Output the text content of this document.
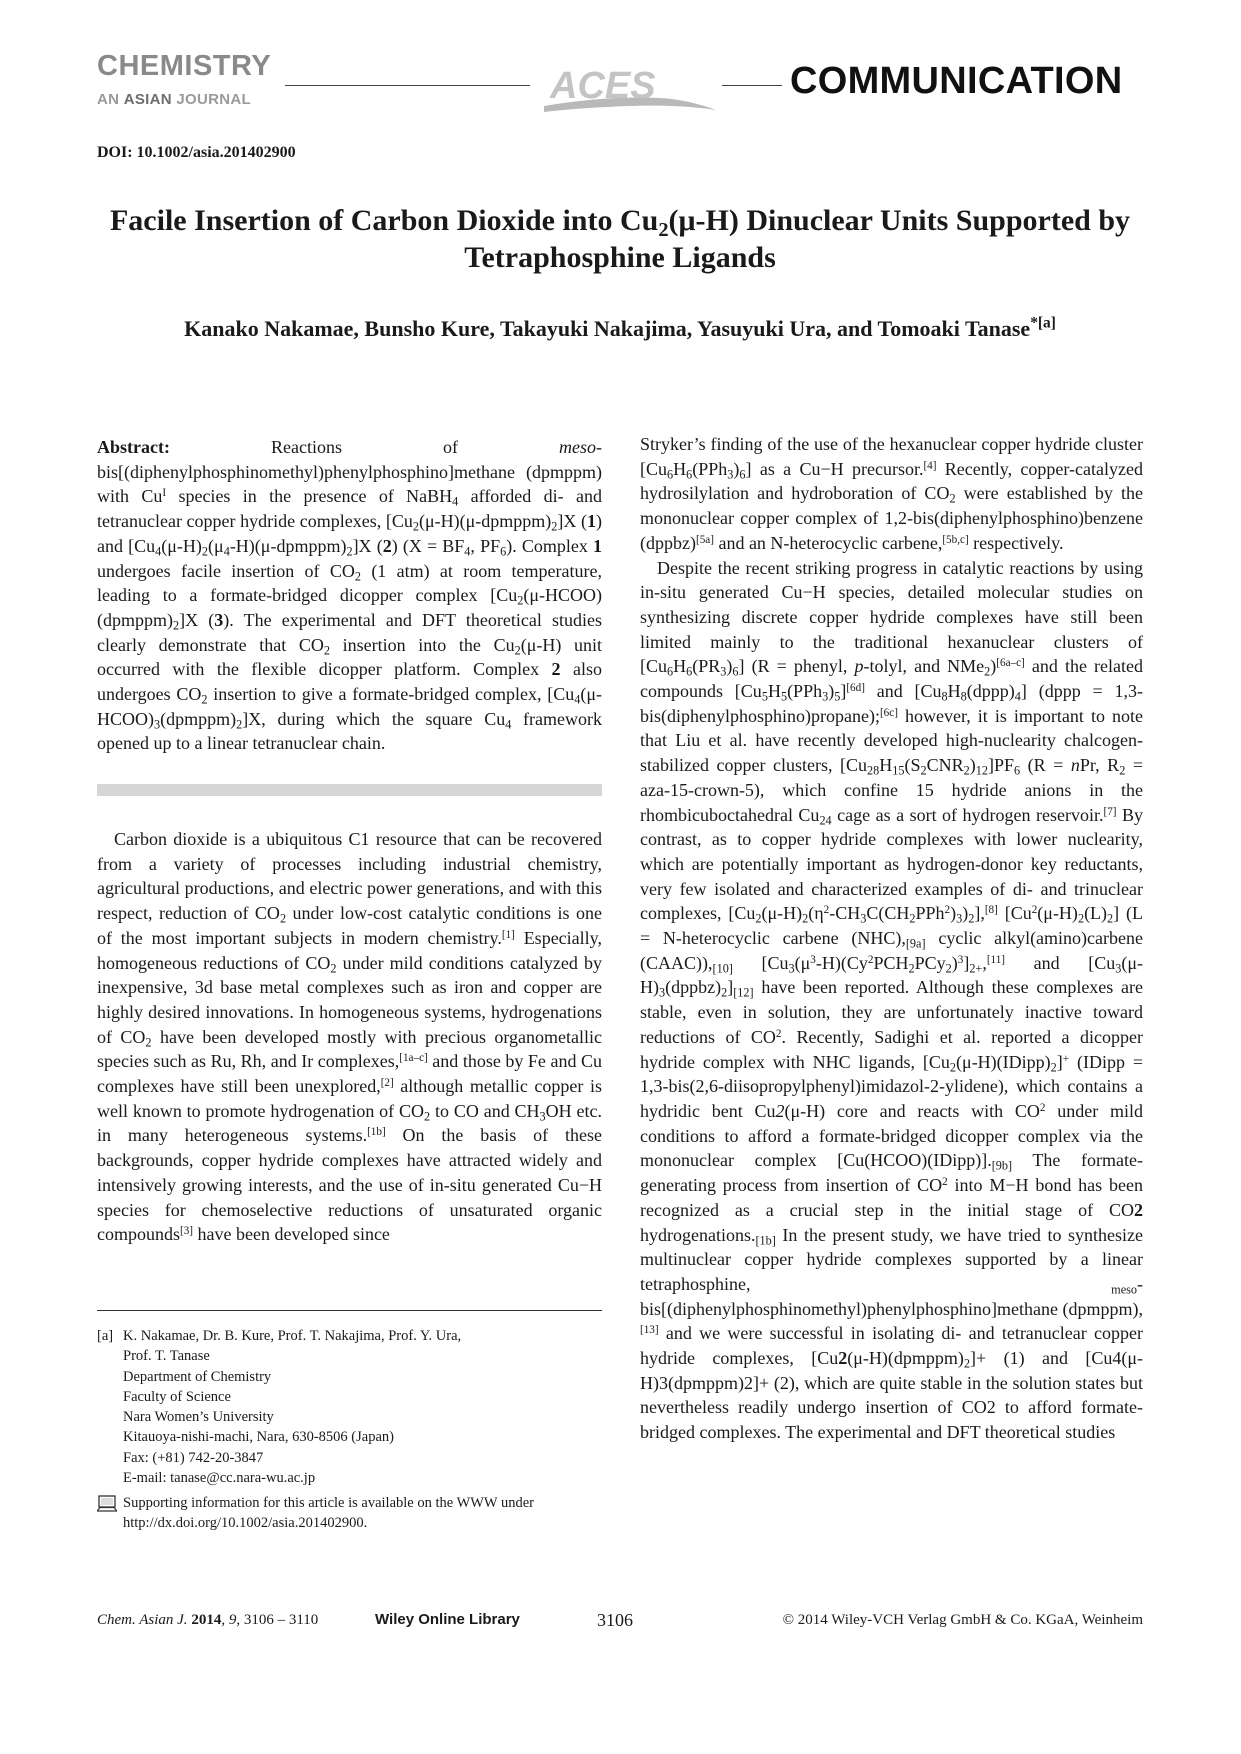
CHEMISTRY
AN ASIAN JOURNAL	ACES	COMMUNICATION
DOI: 10.1002/asia.201402900
Facile Insertion of Carbon Dioxide into $Cu_2(\mu-H)$ Dinuclear Units Supported by Tetraphosphine Ligands
Kanako Nakamae, Bunsho Kure, Takayuki Nakajima, Yasuyuki Ura, and Tomoaki Tanase$^{*[a]}$

Abstract: Reactions of meso-bis[(diphenylphosphinomethyl)phenylphosphino]methane (dpmppm) with $Cu^I$ species in the presence of NaBH$_4$ afforded di- and tetranuclear copper hydride complexes, $[Cu_2(\mu-H)(\mu-dpmppm)_2]X$ (1) and $[Cu_4(\mu-H)_2(\mu_4-H)(\mu-dpmppm)_2]X$ (2) ($X = BF_4$, $PF_6$). Complex 1 undergoes facile insertion of $CO_2$ (1 atm) at room temperature, leading to a formate-bridged dicopper complex $[Cu_2(\mu-HCOO)(dpmppm)_2]X$ (3). The experimental and DFT theoretical studies clearly demonstrate that $CO_2$ insertion into the $Cu_2(\mu-H)$ unit occurred with the flexible dicopper platform. Complex 2 also undergoes $CO_2$ insertion to give a formate-bridged complex, $[Cu_4(\mu-HCOO)_3(dpmppm)_2]X$, during which the square $Cu_4$ framework opened up to a linear tetranuclear chain.

Carbon dioxide is a ubiquitous C1 resource that can be recovered from a variety of processes including industrial chemistry, agricultural productions, and electric power generations, and with this respect, reduction of $CO_2$ under low-cost catalytic conditions is one of the most important subjects in modern chemistry.[1] Especially, homogeneous reductions of $CO_2$ under mild conditions catalyzed by inexpensive, 3d base metal complexes such as iron and copper are highly desired innovations. In homogeneous systems, hydrogenations of $CO_2$ have been developed mostly with precious organometallic species such as Ru, Rh, and Ir complexes,[1a–c] and those by Fe and Cu complexes have still been unexplored,[2] although metallic copper is well known to promote hydrogenation of $CO_2$ to CO and $CH_3OH$ etc. in many heterogeneous systems.[1b] On the basis of these backgrounds, copper hydride complexes have attracted widely and intensively growing interests, and the use of in-situ generated Cu−H species for chemoselective reductions of unsaturated organic compounds[3] have been developed since

[a] K. Nakamae, Dr. B. Kure, Prof. T. Nakajima, Prof. Y. Ura,
Prof. T. Tanase
Department of Chemistry
Faculty of Science
Nara Women’s University
Kitauoya-nishi-machi, Nara, 630-8506 (Japan)
Fax: (+81) 742-20-3847
E-mail: tanase@cc.nara-wu.ac.jp
Supporting information for this article is available on the WWW under http://dx.doi.org/10.1002/asia.201402900.

Stryker’s finding of the use of the hexanuclear copper hydride cluster $[Cu_6H_6(PPh_3)_6]$ as a Cu−H precursor.[4] Recently, copper-catalyzed hydrosilylation and hydroboration of $CO_2$ were established by the mononuclear copper complex of 1,2-bis(diphenylphosphino)benzene (dppbz)[5a] and an N-heterocyclic carbene,[5b,c] respectively.

Despite the recent striking progress in catalytic reactions by using in-situ generated Cu−H species, detailed molecular studies on synthesizing discrete copper hydride complexes have still been limited mainly to the traditional hexanuclear clusters of $[Cu_6H_6(PR_3)_6] (R$ = phenyl, p-tolyl, and NMe$_2$)[6a–c] and the related compounds $[Cu_5H_5(PPh_3)_5][6d]$ and $[Cu_8H_8(dppp)_4]$ (dppp = 1,3-bis(diphenylphosphino)propane);[6c] however, it is important to note that Liu et al. have recently developed high-nuclearity chalcogen-stabilized copper clusters, $[Cu_{28}H_{15}(S_2CNR_2)_{12}]PF_6$ (R = nPr, $R_2$ = aza-15-crown-5), which confine 15 hydride anions in the rhombicuboctahedral $Cu_{24}$ cage as a sort of hydrogen reservoir.[7] By contrast, as to copper hydride complexes with lower nuclearity, which are potentially important as hydrogen-donor key reductants, very few isolated and characterized examples of di- and trinuclear complexes, $[Cu_2(\mu-H)_2(\eta^2-CH_3C(CH_2PPh^2)_3)_2],[8]$ $[Cu^2(\mu-H)_2(L)_2] (L$ = N-heterocyclic carbene $(NHC),_{[9a]}$ cyclic alkyl(amino)carbene $(CAAC)),_{[10]}$ $[Cu_3(\mu^3-H)(Cy^2PCH_2PCy_2)^3]_{2+},[11]$ and $[Cu_3(\mu-H)_3(dppbz)_2]_{[12]}$ have been reported. Although these complexes are stable, even in solution, they are unfortunately inactive toward reductions of $CO^2$. Recently, Sadighi et al. reported a dicopper hydride complex with NHC ligands, $[Cu_2(\mu-H)(IDipp)_2]^+$ (IDipp = 1,3-bis(2,6-diisopropylphenyl)imidazol-2-ylidene), which contains a hydridic bent Cu2(μ-H) core and reacts with $CO^2$ under mild conditions to afford a formate-bridged dicopper complex via the mononuclear complex $[Cu(HCOO)(IDipp)]._{[9b]}$ The formate-generating process from insertion of $CO^2$ into M−H bond has been recognized as a crucial step in the initial stage of CO2 $hydrogenations._{[1b]}$ In the present study, we have tried to synthesize multinuclear copper hydride complexes supported by a linear tetraphosphine, $_{meso}$-bis[(diphenylphosphinomethyl)phenylphosphino]methane (dpmppm),[13] and we were successful in isolating di- and tetranuclear copper hydride complexes, $[Cu2(\mu-H)(dpmppm)_2]+ (1)$ and [Cu4(μ-H)3(dpmppm)2]+ (2), which are quite stable in the solution states but nevertheless readily undergo insertion of CO2 to afford formate-bridged complexes. The experimental and DFT theoretical studies

Chem. Asian J. 2014, 9, 3106 – 3110	Wiley Online Library	3106	© 2014 Wiley-VCH Verlag GmbH & Co. KGaA, Weinheim
